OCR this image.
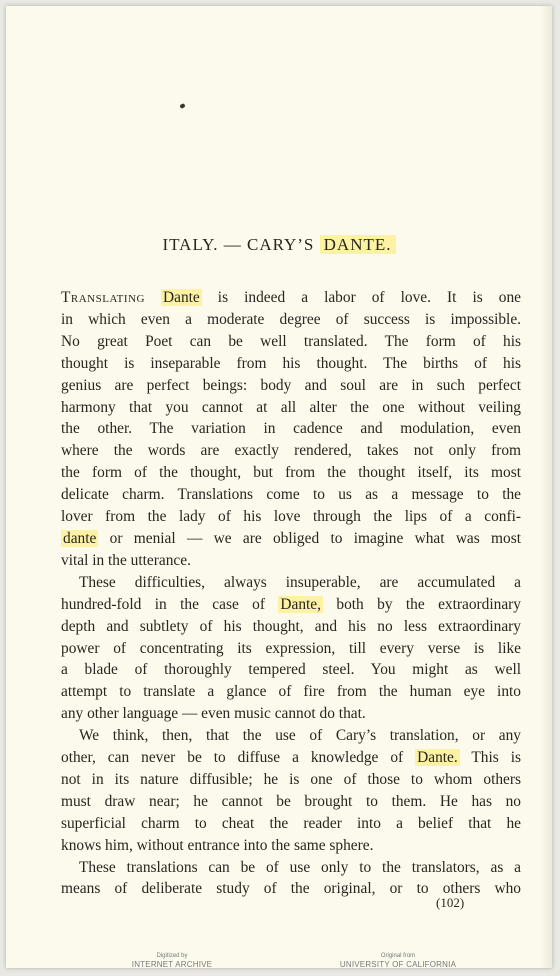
ITALY. — CARY’S DANTE.
Translating Dante is indeed a labor of love. It is one
in which even a moderate degree of success is impossible.
No great Poet can be well translated. The form of his
thought is inseparable from his thought. The births of his
genius are perfect beings: body and soul are in such perfect
harmony that you cannot at all alter the one without veiling
the other. The variation in cadence and modulation, even
where the words are exactly rendered, takes not only from
the form of the thought, but from the thought itself, its most
delicate charm. Translations come to us as a message to the
lover from the lady of his love through the lips of a confi-
dante or menial — we are obliged to imagine what was most
vital in the utterance.
These difficulties, always insuperable, are accumulated a
hundred-fold in the case of Dante, both by the extraordinary
depth and subtlety of his thought, and his no less extraordinary
power of concentrating its expression, till every verse is like
a blade of thoroughly tempered steel. You might as well
attempt to translate a glance of fire from the human eye into
any other language — even music cannot do that.
We think, then, that the use of Cary’s translation, or any
other, can never be to diffuse a knowledge of Dante. This is
not in its nature diffusible; he is one of those to whom others
must draw near; he cannot be brought to them. He has no
superficial charm to cheat the reader into a belief that he
knows him, without entrance into the same sphere.
These translations can be of use only to the translators, as a
means of deliberate study of the original, or to others who
(102)
Digitized by
INTERNET ARCHIVE
Original from
UNIVERSITY OF CALIFORNIA
